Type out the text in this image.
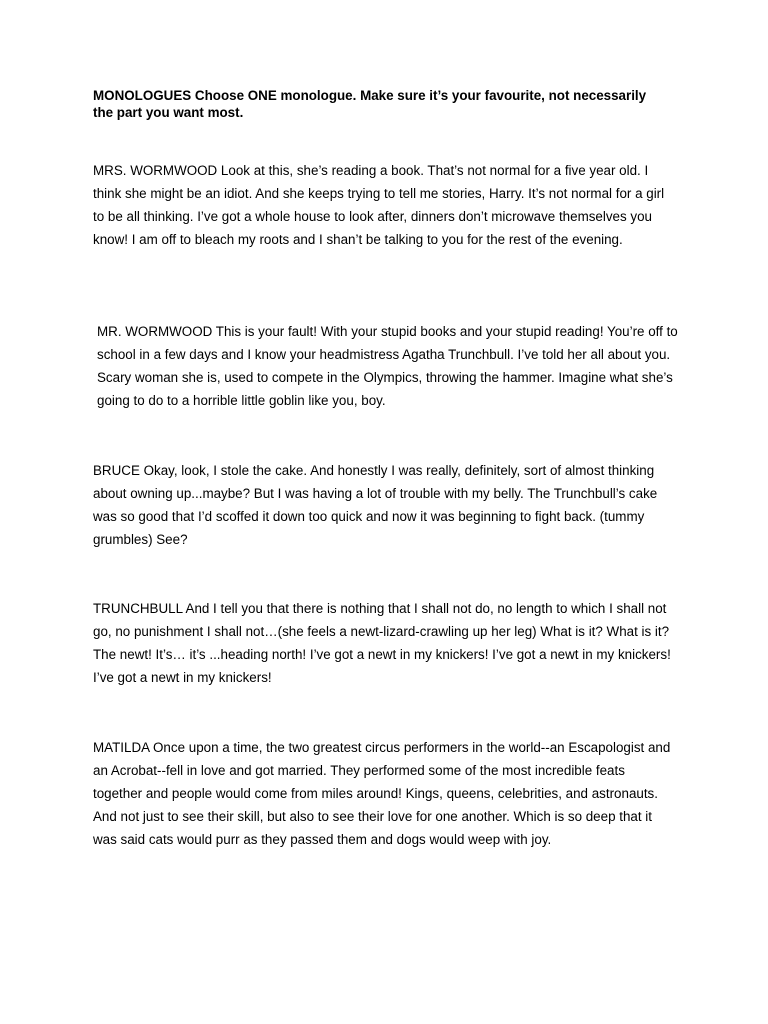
MONOLOGUES Choose ONE monologue. Make sure it’s your favourite, not necessarily the part you want most.

MRS. WORMWOOD Look at this, she’s reading a book. That’s not normal for a five year old. I think she might be an idiot. And she keeps trying to tell me stories, Harry. It’s not normal for a girl to be all thinking. I’ve got a whole house to look after, dinners don’t microwave themselves you know! I am off to bleach my roots and I shan’t be talking to you for the rest of the evening.

MR. WORMWOOD This is your fault! With your stupid books and your stupid reading! You’re off to school in a few days and I know your headmistress Agatha Trunchbull. I’ve told her all about you. Scary woman she is, used to compete in the Olympics, throwing the hammer. Imagine what she’s going to do to a horrible little goblin like you, boy.

BRUCE Okay, look, I stole the cake. And honestly I was really, definitely, sort of almost thinking about owning up...maybe? But I was having a lot of trouble with my belly. The Trunchbull’s cake was so good that I’d scoffed it down too quick and now it was beginning to fight back. (tummy grumbles) See?

TRUNCHBULL And I tell you that there is nothing that I shall not do, no length to which I shall not go, no punishment I shall not…(she feels a newt-lizard-crawling up her leg) What is it? What is it? The newt! It’s… it’s ...heading north! I’ve got a newt in my knickers! I’ve got a newt in my knickers! I’ve got a newt in my knickers!

MATILDA Once upon a time, the two greatest circus performers in the world--an Escapologist and an Acrobat--fell in love and got married. They performed some of the most incredible feats together and people would come from miles around! Kings, queens, celebrities, and astronauts. And not just to see their skill, but also to see their love for one another. Which is so deep that it was said cats would purr as they passed them and dogs would weep with joy.
